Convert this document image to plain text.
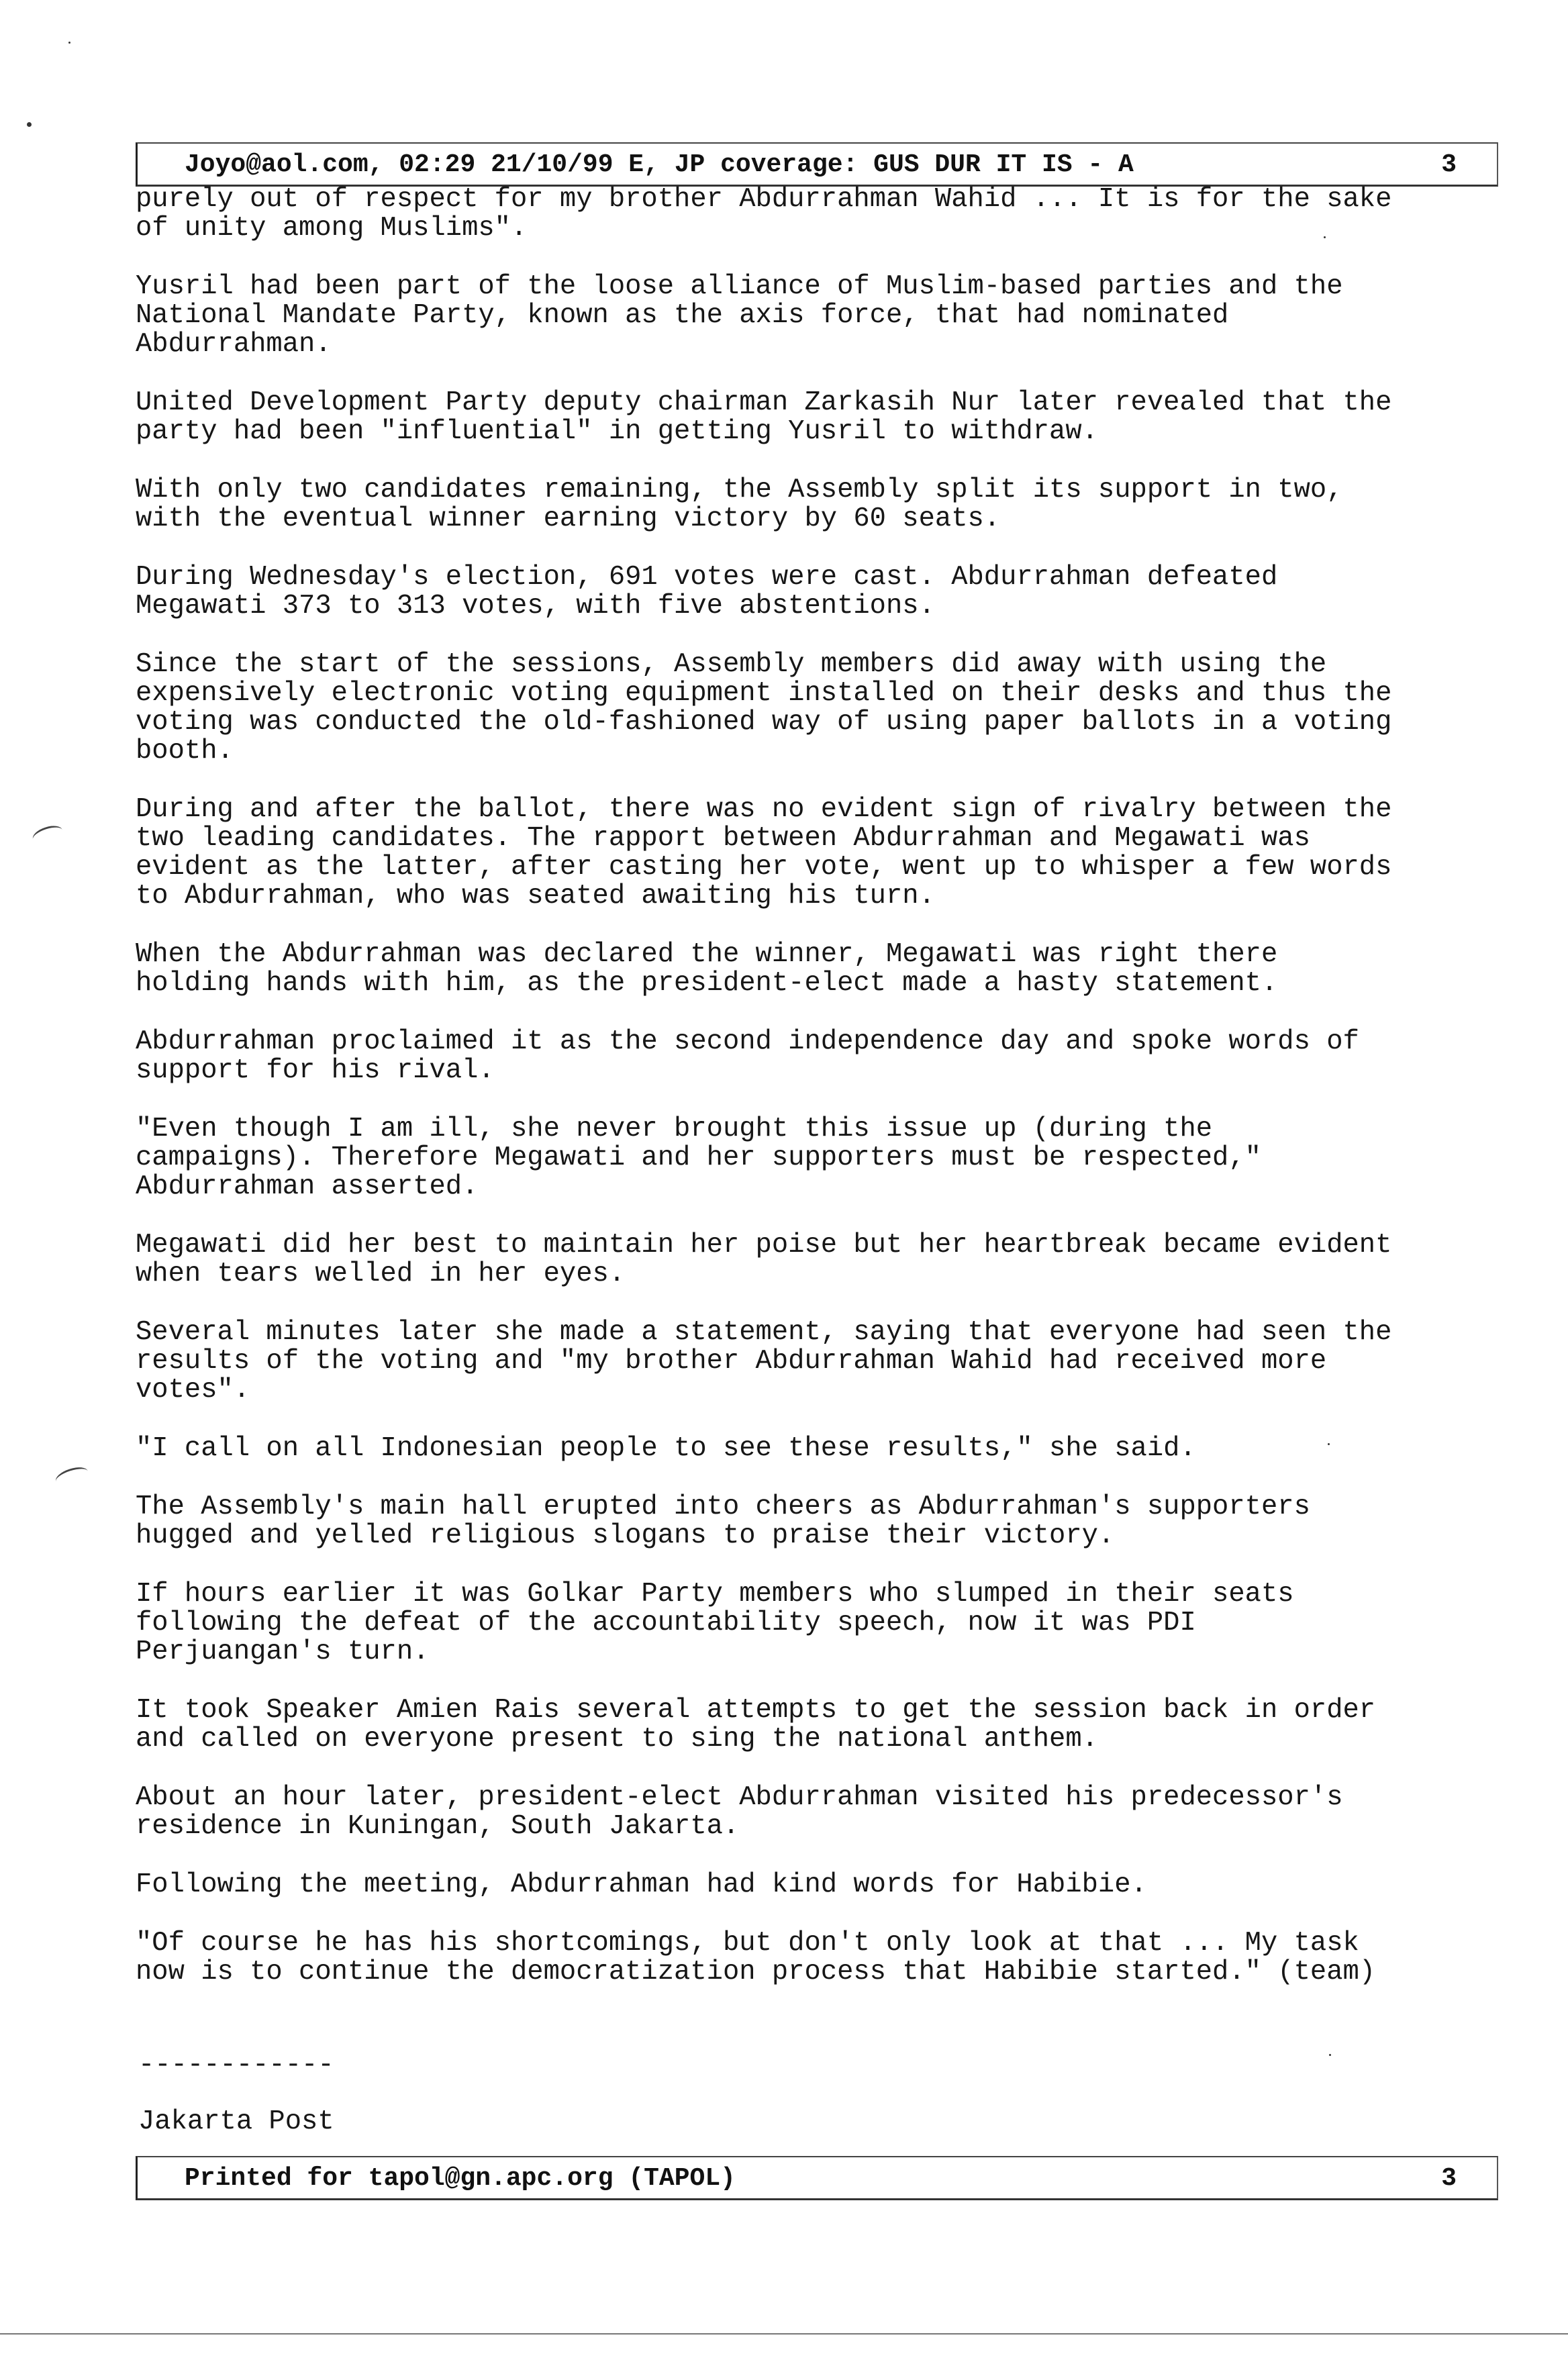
Joyo@aol.com, 02:29 21/10/99 E, JP coverage: GUS DUR IT IS - A	3

purely out of respect for my brother Abdurrahman Wahid ... It is for the sake
of unity among Muslims".

Yusril had been part of the loose alliance of Muslim-based parties and the
National Mandate Party, known as the axis force, that had nominated
Abdurrahman.

United Development Party deputy chairman Zarkasih Nur later revealed that the
party had been "influential" in getting Yusril to withdraw.

With only two candidates remaining, the Assembly split its support in two,
with the eventual winner earning victory by 60 seats.

During Wednesday's election, 691 votes were cast. Abdurrahman defeated
Megawati 373 to 313 votes, with five abstentions.

Since the start of the sessions, Assembly members did away with using the
expensively electronic voting equipment installed on their desks and thus the
voting was conducted the old-fashioned way of using paper ballots in a voting
booth.

During and after the ballot, there was no evident sign of rivalry between the
two leading candidates. The rapport between Abdurrahman and Megawati was
evident as the latter, after casting her vote, went up to whisper a few words
to Abdurrahman, who was seated awaiting his turn.

When the Abdurrahman was declared the winner, Megawati was right there
holding hands with him, as the president-elect made a hasty statement.

Abdurrahman proclaimed it as the second independence day and spoke words of
support for his rival.

"Even though I am ill, she never brought this issue up (during the
campaigns). Therefore Megawati and her supporters must be respected,"
Abdurrahman asserted.

Megawati did her best to maintain her poise but her heartbreak became evident
when tears welled in her eyes.

Several minutes later she made a statement, saying that everyone had seen the
results of the voting and "my brother Abdurrahman Wahid had received more
votes".

"I call on all Indonesian people to see these results," she said.

The Assembly's main hall erupted into cheers as Abdurrahman's supporters
hugged and yelled religious slogans to praise their victory.

If hours earlier it was Golkar Party members who slumped in their seats
following the defeat of the accountability speech, now it was PDI
Perjuangan's turn.

It took Speaker Amien Rais several attempts to get the session back in order
and called on everyone present to sing the national anthem.

About an hour later, president-elect Abdurrahman visited his predecessor's
residence in Kuningan, South Jakarta.

Following the meeting, Abdurrahman had kind words for Habibie.

"Of course he has his shortcomings, but don't only look at that ... My task
now is to continue the democratization process that Habibie started." (team)

------------
Jakarta Post
Printed for tapol@gn.apc.org (TAPOL)	3
